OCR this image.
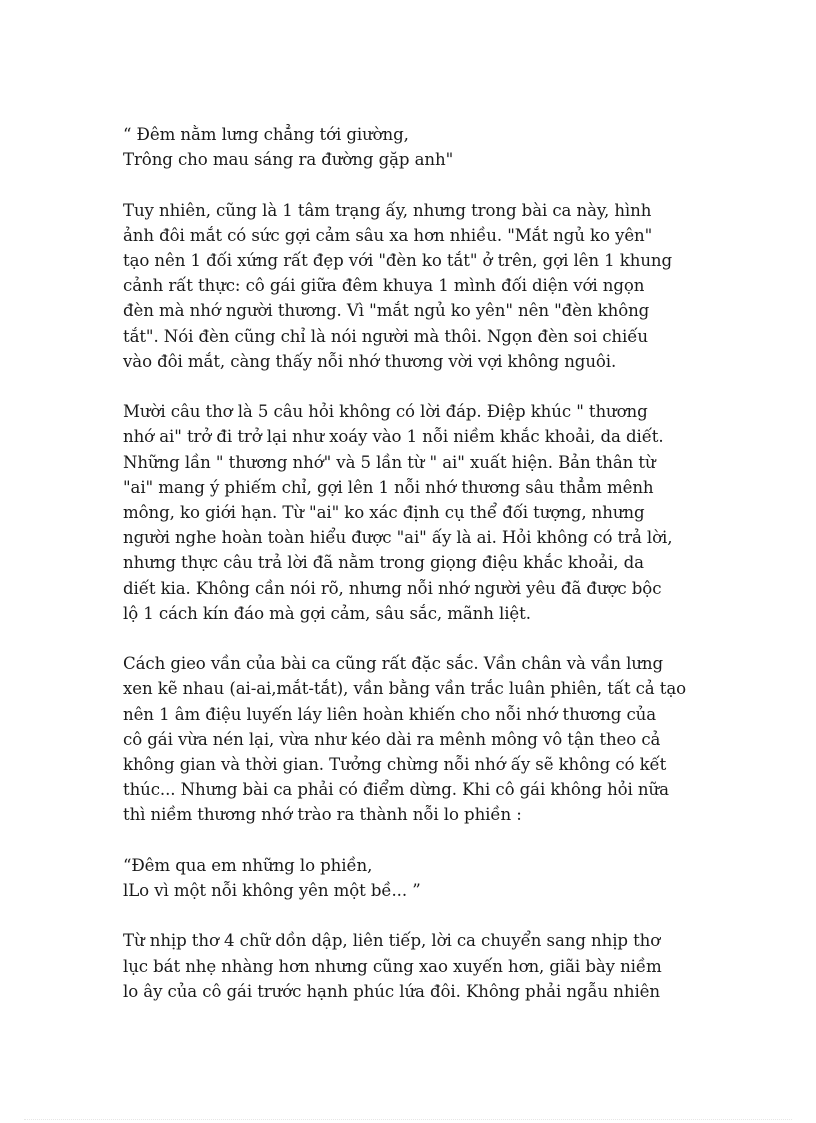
“ Đêm nằm lưng chẳng tới giường,
Trông cho mau sáng ra đường gặp anh"
Tuy nhiên, cũng là 1 tâm trạng ấy, nhưng trong bài ca này, hình
ảnh đôi mắt có sức gợi cảm sâu xa hơn nhiều. "Mắt ngủ ko yên"
tạo nên 1 đối xứng rất đẹp với "đèn ko tắt" ở trên, gợi lên 1 khung
cảnh rất thực: cô gái giữa đêm khuya 1 mình đối diện với ngọn
đèn mà nhớ người thương. Vì "mắt ngủ ko yên" nên "đèn không
tắt". Nói đèn cũng chỉ là nói người mà thôi. Ngọn đèn soi chiếu
vào đôi mắt, càng thấy nỗi nhớ thương vời vợi không nguôi.
Mười câu thơ là 5 câu hỏi không có lời đáp. Điệp khúc " thương
nhớ ai" trở đi trở lại như xoáy vào 1 nỗi niềm khắc khoải, da diết.
Những lần " thương nhớ" và 5 lần từ " ai" xuất hiện. Bản thân từ
"ai" mang ý phiếm chỉ, gợi lên 1 nỗi nhớ thương sâu thẳm mênh
mông, ko giới hạn. Từ "ai" ko xác định cụ thể đối tượng, nhưng
người nghe hoàn toàn hiểu được "ai" ấy là ai. Hỏi không có trả lời,
nhưng thực câu trả lời đã nằm trong giọng điệu khắc khoải, da
diết kia. Không cần nói rõ, nhưng nỗi nhớ người yêu đã được bộc
lộ 1 cách kín đáo mà gợi cảm, sâu sắc, mãnh liệt.
Cách gieo vần của bài ca cũng rất đặc sắc. Vần chân và vần lưng
xen kẽ nhau (ai-ai,mắt-tắt), vần bằng vần trắc luân phiên, tất cả tạo
nên 1 âm điệu luyến láy liên hoàn khiến cho nỗi nhớ thương của
cô gái vừa nén lại, vừa như kéo dài ra mênh mông vô tận theo cả
không gian và thời gian. Tưởng chừng nỗi nhớ ấy sẽ không có kết
thúc... Nhưng bài ca phải có điểm dừng. Khi cô gái không hỏi nữa
thì niềm thương nhớ trào ra thành nỗi lo phiền :
“Đêm qua em những lo phiền,
lLo vì một nỗi không yên một bề... ”
Từ nhịp thơ 4 chữ dồn dập, liên tiếp, lời ca chuyển sang nhịp thơ
lục bát nhẹ nhàng hơn nhưng cũng xao xuyến hơn, giãi bày niềm
lo ây của cô gái trước hạnh phúc lứa đôi. Không phải ngẫu nhiên
